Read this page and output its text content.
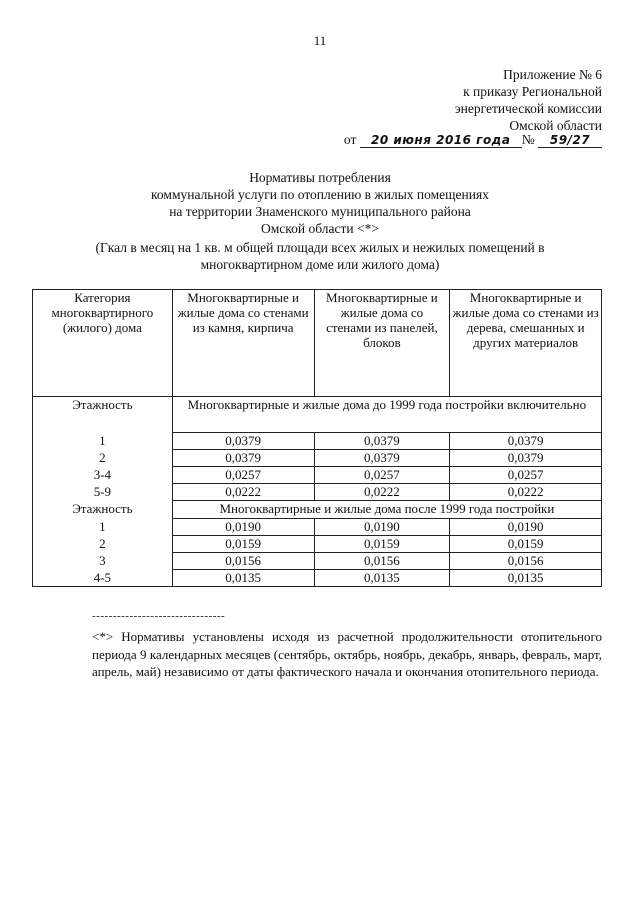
11
Приложение № 6
к приказу Региональной
энергетической комиссии
Омской области
от 20 июня 2016 года № 59/27
Нормативы потребления
коммунальной услуги по отоплению в жилых помещениях
на территории Знаменского муниципального района
Омской области <*>
(Гкал в месяц на 1 кв. м общей площади всех жилых и нежилых помещений в
многоквартирном доме или жилого дома)
Категория многоквартирного (жилого) дома	Многоквартирные и жилые дома со стенами из камня, кирпича	Многоквартирные и жилые дома со стенами из панелей, блоков	Многоквартирные и жилые дома со стенами из дерева, смешанных и других материалов
Этажность	Многоквартирные и жилые дома до 1999 года постройки включительно		
1	0,0379	0,0379	0,0379
2	0,0379	0,0379	0,0379
3-4	0,0257	0,0257	0,0257
5-9	0,0222	0,0222	0,0222
Этажность	Многоквартирные и жилые дома после 1999 года постройки		
1	0,0190	0,0190	0,0190
2	0,0159	0,0159	0,0159
3	0,0156	0,0156	0,0156
4-5	0,0135	0,0135	0,0135
--------------------------------
<*> Нормативы установлены исходя из расчетной продолжительности отопительного периода 9 календарных месяцев (сентябрь, октябрь, ноябрь, декабрь, январь, февраль, март, апрель, май) независимо от даты фактического начала и окончания отопительного периода.
